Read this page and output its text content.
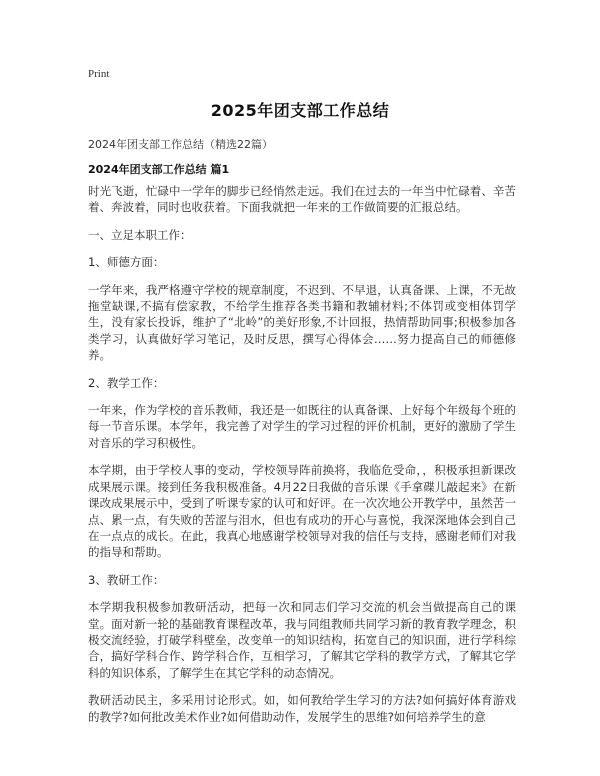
Print
2025年团支部工作总结
2024年团支部工作总结（精选22篇）
2024年团支部工作总结 篇1

时光飞逝，忙碌中一学年的脚步已经悄然走远。我们在过去的一年当中忙碌着、辛苦着、奔波着，同时也收获着。下面我就把一年来的工作做简要的汇报总结。

一、立足本职工作：

1、师德方面：

一学年来，我严格遵守学校的规章制度，不迟到、不早退，认真备课、上课，不无故拖堂缺课,不搞有偿家教，不给学生推荐各类书籍和教辅材料;不体罚或变相体罚学生，没有家长投诉，维护了“北岭”的美好形象,不计回报，热情帮助同事;积极参加各类学习，认真做好学习笔记，及时反思，撰写心得体会……努力提高自己的师德修养。

2、教学工作：

一年来，作为学校的音乐教师，我还是一如既往的认真备课、上好每个年级每个班的每一节音乐课。本学年，我完善了对学生的学习过程的评价机制，更好的激励了学生对音乐的学习积极性。

本学期，由于学校人事的变动，学校领导阵前换将，我临危受命，，积极承担新课改成果展示课。接到任务我积极准备。4月22日我做的音乐课《手拿碟儿敲起来》在新课改成果展示中，受到了听课专家的认可和好评。在一次次地公开教学中，虽然苦一点、累一点，有失败的苦涩与泪水，但也有成功的开心与喜悦，我深深地体会到自己在一点点的成长。在此，我真心地感谢学校领导对我的信任与支持，感谢老师们对我的指导和帮助。

3、教研工作：

本学期我积极参加教研活动，把每一次和同志们学习交流的机会当做提高自己的课堂。面对新一轮的基础教育课程改革，我与同组教师共同学习新的教育教学理念，积极交流经验，打破学科壁垒，改变单一的知识结构，拓宽自己的知识面，进行学科综合，搞好学科合作、跨学科合作，互相学习，了解其它学科的教学方式，了解其它学科的知识体系，了解学生在其它学科的动态情况。

教研活动民主，多采用讨论形式。如，如何教给学生学习的方法?如何搞好体育游戏的教学?如何批改美术作业?如何借助动作，发展学生的思维?如何培养学生的意
